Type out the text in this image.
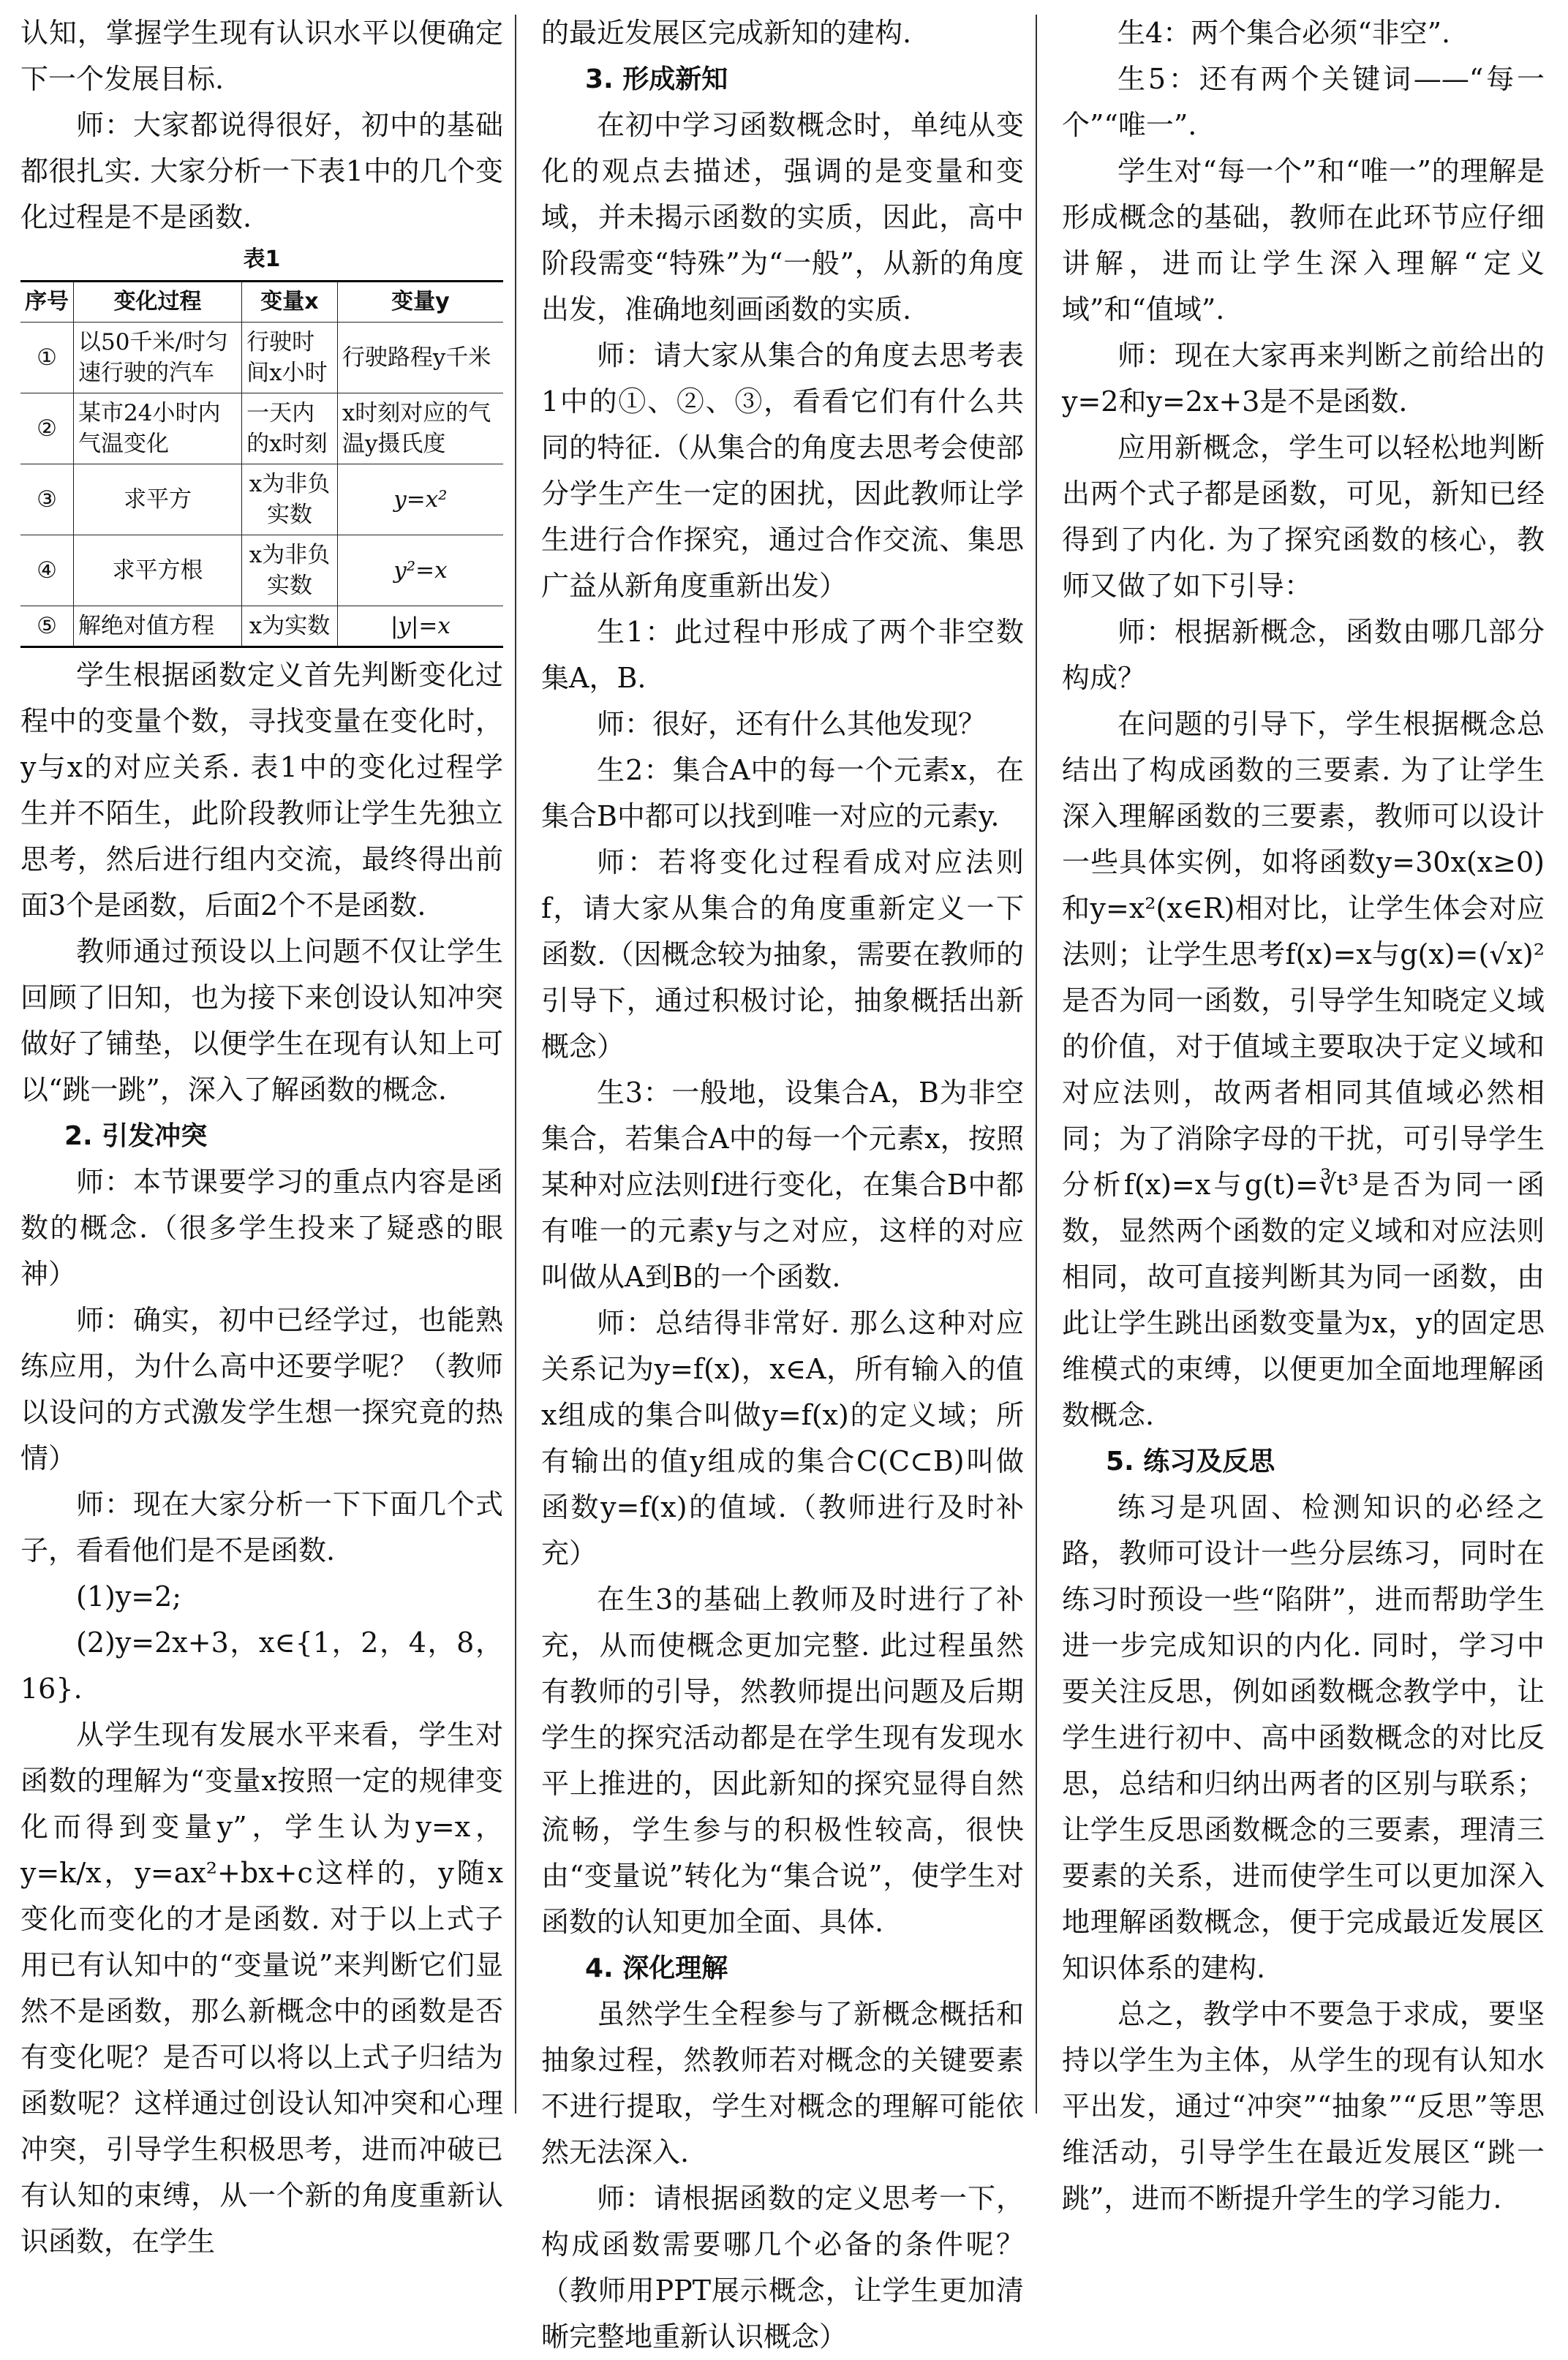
认知，掌握学生现有认识水平以便确定下一个发展目标.

师：大家都说得很好，初中的基础都很扎实. 大家分析一下表1中的几个变化过程是不是函数.

表1
序号	变化过程	变量x	变量y
①	以50千米/时匀速行驶的汽车	行驶时间x小时	行驶路程y千米
②	某市24小时内气温变化	一天内的x时刻	x时刻对应的气温y摄氏度
③	求平方	x为非负实数	y=x²
④	求平方根	x为非负实数	y²=x
⑤	解绝对值方程	x为实数	|y|=x

学生根据函数定义首先判断变化过程中的变量个数，寻找变量在变化时，y与x的对应关系. 表1中的变化过程学生并不陌生，此阶段教师让学生先独立思考，然后进行组内交流，最终得出前面3个是函数，后面2个不是函数.

教师通过预设以上问题不仅让学生回顾了旧知，也为接下来创设认知冲突做好了铺垫，以便学生在现有认知上可以“跳一跳”，深入了解函数的概念.

2. 引发冲突

师：本节课要学习的重点内容是函数的概念.（很多学生投来了疑惑的眼神）

师：确实，初中已经学过，也能熟练应用，为什么高中还要学呢？（教师以设问的方式激发学生想一探究竟的热情）

师：现在大家分析一下下面几个式子，看看他们是不是函数.

(1)y=2;

(2)y=2x+3，x∈{1，2，4，8，16}.

从学生现有发展水平来看，学生对函数的理解为“变量x按照一定的规律变化而得到变量y”，学生认为y=x，y=k/x，y=ax²+bx+c这样的，y随x变化而变化的才是函数. 对于以上式子用已有认知中的“变量说”来判断它们显然不是函数，那么新概念中的函数是否有变化呢？是否可以将以上式子归结为函数呢？这样通过创设认知冲突和心理冲突，引导学生积极思考，进而冲破已有认知的束缚，从一个新的角度重新认识函数，在学生

的最近发展区完成新知的建构.

3. 形成新知

在初中学习函数概念时，单纯从变化的观点去描述，强调的是变量和变域，并未揭示函数的实质，因此，高中阶段需变“特殊”为“一般”，从新的角度出发，准确地刻画函数的实质.

师：请大家从集合的角度去思考表1中的①、②、③，看看它们有什么共同的特征.（从集合的角度去思考会使部分学生产生一定的困扰，因此教师让学生进行合作探究，通过合作交流、集思广益从新角度重新出发）

生1：此过程中形成了两个非空数集A，B.

师：很好，还有什么其他发现？

生2：集合A中的每一个元素x，在集合B中都可以找到唯一对应的元素y.

师：若将变化过程看成对应法则f，请大家从集合的角度重新定义一下函数.（因概念较为抽象，需要在教师的引导下，通过积极讨论，抽象概括出新概念）

生3：一般地，设集合A，B为非空集合，若集合A中的每一个元素x，按照某种对应法则f进行变化，在集合B中都有唯一的元素y与之对应，这样的对应叫做从A到B的一个函数.

师：总结得非常好. 那么这种对应关系记为y=f(x)，x∈A，所有输入的值x组成的集合叫做y=f(x)的定义域；所有输出的值y组成的集合C(C⊂B)叫做函数y=f(x)的值域.（教师进行及时补充）

在生3的基础上教师及时进行了补充，从而使概念更加完整. 此过程虽然有教师的引导，然教师提出问题及后期学生的探究活动都是在学生现有发现水平上推进的，因此新知的探究显得自然流畅，学生参与的积极性较高，很快由“变量说”转化为“集合说”，使学生对函数的认知更加全面、具体.

4. 深化理解

虽然学生全程参与了新概念概括和抽象过程，然教师若对概念的关键要素不进行提取，学生对概念的理解可能依然无法深入.

师：请根据函数的定义思考一下，构成函数需要哪几个必备的条件呢？（教师用PPT展示概念，让学生更加清晰完整地重新认识概念）

生4：两个集合必须“非空”.

生5：还有两个关键词——“每一个”“唯一”.

学生对“每一个”和“唯一”的理解是形成概念的基础，教师在此环节应仔细讲解，进而让学生深入理解“定义域”和“值域”.

师：现在大家再来判断之前给出的y=2和y=2x+3是不是函数.

应用新概念，学生可以轻松地判断出两个式子都是函数，可见，新知已经得到了内化. 为了探究函数的核心，教师又做了如下引导：

师：根据新概念，函数由哪几部分构成？

在问题的引导下，学生根据概念总结出了构成函数的三要素. 为了让学生深入理解函数的三要素，教师可以设计一些具体实例，如将函数y=30x(x≥0)和y=x²(x∈R)相对比，让学生体会对应法则；让学生思考f(x)=x与g(x)=(√x)²是否为同一函数，引导学生知晓定义域的价值，对于值域主要取决于定义域和对应法则，故两者相同其值域必然相同；为了消除字母的干扰，可引导学生分析f(x)=x与g(t)=∛t³是否为同一函数，显然两个函数的定义域和对应法则相同，故可直接判断其为同一函数，由此让学生跳出函数变量为x，y的固定思维模式的束缚，以便更加全面地理解函数概念.

5. 练习及反思

练习是巩固、检测知识的必经之路，教师可设计一些分层练习，同时在练习时预设一些“陷阱”，进而帮助学生进一步完成知识的内化. 同时，学习中要关注反思，例如函数概念教学中，让学生进行初中、高中函数概念的对比反思，总结和归纳出两者的区别与联系；让学生反思函数概念的三要素，理清三要素的关系，进而使学生可以更加深入地理解函数概念，便于完成最近发展区知识体系的建构.

总之，教学中不要急于求成，要坚持以学生为主体，从学生的现有认知水平出发，通过“冲突”“抽象”“反思”等思维活动，引导学生在最近发展区“跳一跳”，进而不断提升学生的学习能力.
